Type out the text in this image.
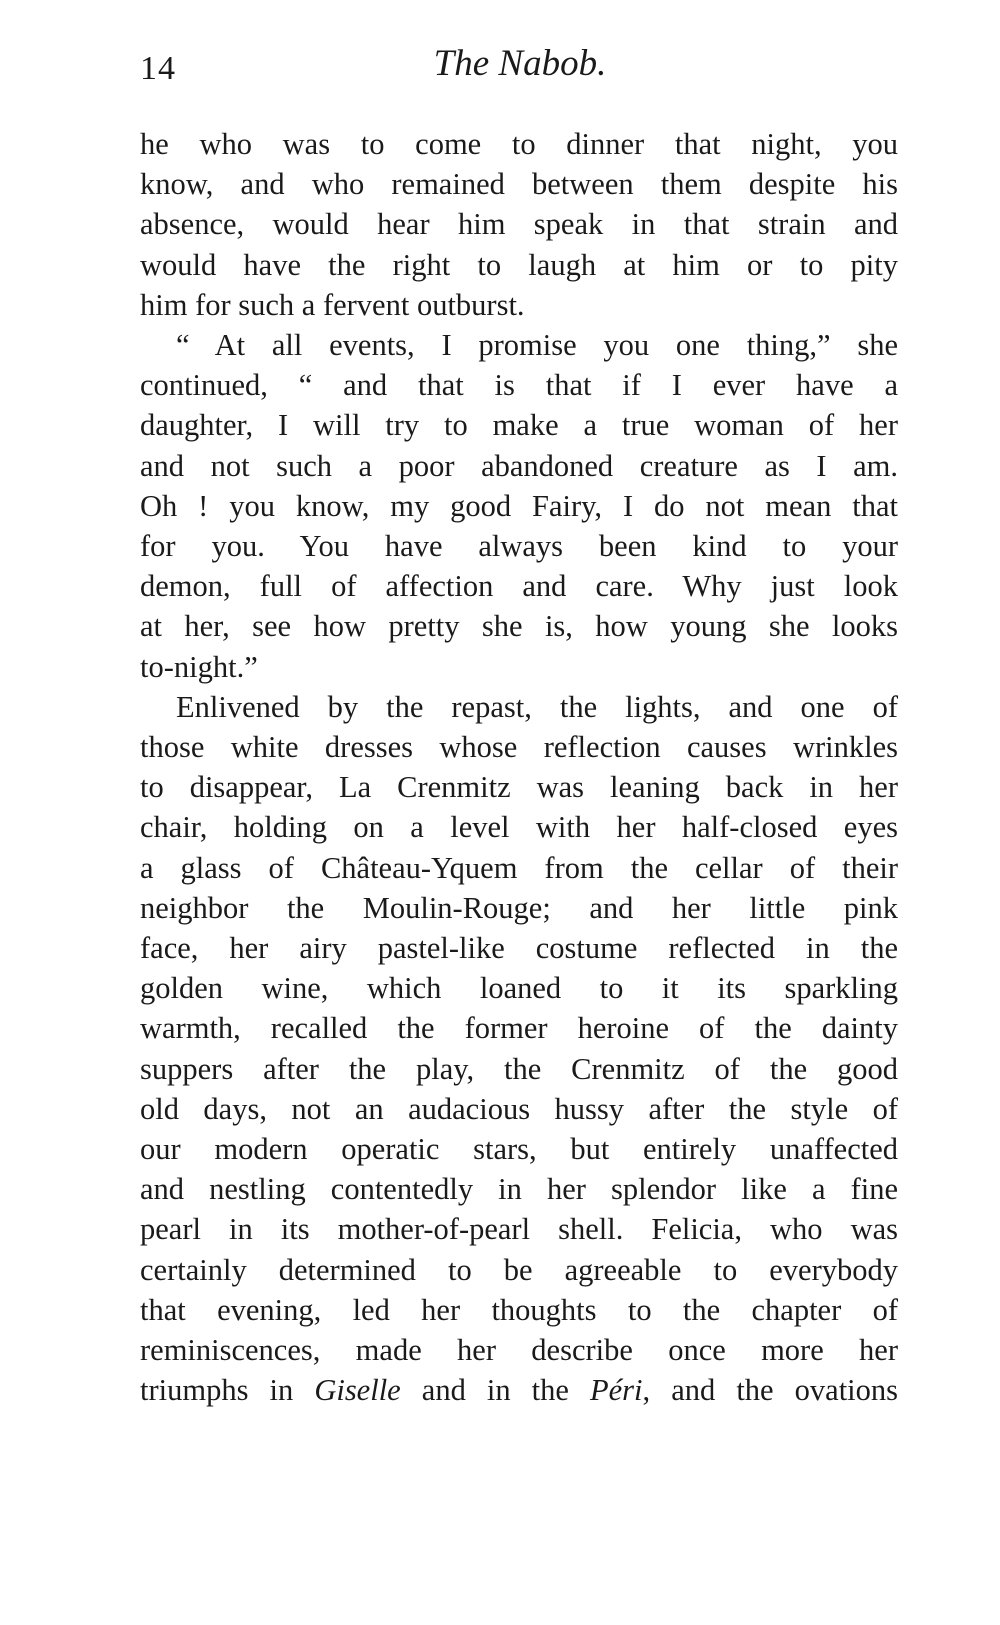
14	The Nabob.

he who was to come to dinner that night, you
know, and who remained between them despite his
absence, would hear him speak in that strain and
would have the right to laugh at him or to pity
him for such a fervent outburst.

“ At all events, I promise you one thing,” she
continued, “ and that is that if I ever have a
daughter, I will try to make a true woman of her
and not such a poor abandoned creature as I am.
Oh ! you know, my good Fairy, I do not mean that
for you. You have always been kind to your
demon, full of affection and care. Why just look
at her, see how pretty she is, how young she looks
to-night.”

Enlivened by the repast, the lights, and one of
those white dresses whose reflection causes wrinkles
to disappear, La Crenmitz was leaning back in her
chair, holding on a level with her half-closed eyes
a glass of Château-Yquem from the cellar of their
neighbor the Moulin-Rouge; and her little pink
face, her airy pastel-like costume reflected in the
golden wine, which loaned to it its sparkling
warmth, recalled the former heroine of the dainty
suppers after the play, the Crenmitz of the good
old days, not an audacious hussy after the style of
our modern operatic stars, but entirely unaffected
and nestling contentedly in her splendor like a fine
pearl in its mother-of-pearl shell. Felicia, who was
certainly determined to be agreeable to everybody
that evening, led her thoughts to the chapter of
reminiscences, made her describe once more her
triumphs in Giselle and in the Péri, and the ovations
